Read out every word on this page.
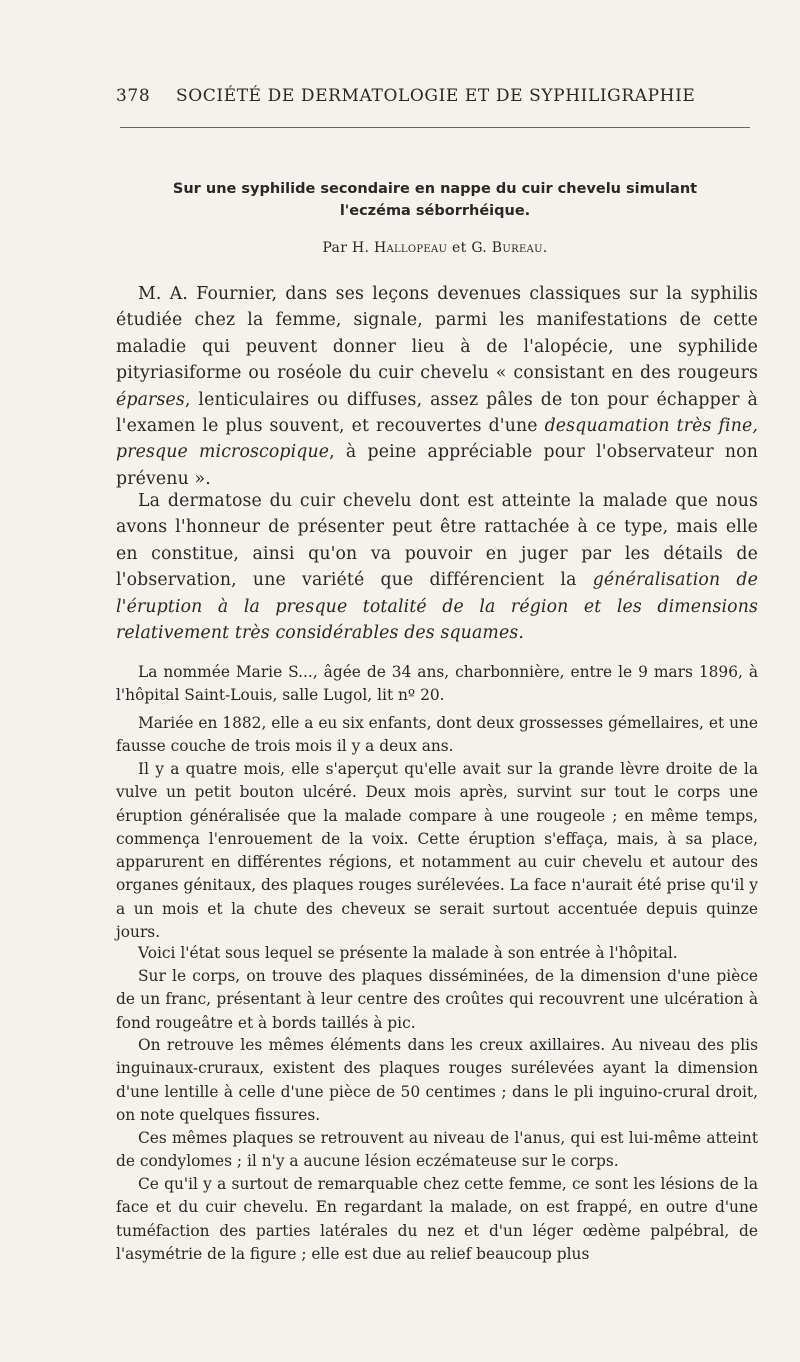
378 SOCIÉTÉ DE DERMATOLOGIE ET DE SYPHILIGRAPHIE
Sur une syphilide secondaire en nappe du cuir chevelu simulant
l'eczéma séborrhéique.
Par H. Hallopeau et G. Bureau.

M. A. Fournier, dans ses leçons devenues classiques sur la syphilis étudiée chez la femme, signale, parmi les manifestations de cette maladie qui peuvent donner lieu à de l'alopécie, une syphilide pityriasiforme ou roséole du cuir chevelu « consistant en des rougeurs éparses, lenticulaires ou diffuses, assez pâles de ton pour échapper à l'examen le plus souvent, et recouvertes d'une desquamation très fine, presque microscopique, à peine appréciable pour l'observateur non prévenu ».

La dermatose du cuir chevelu dont est atteinte la malade que nous avons l'honneur de présenter peut être rattachée à ce type, mais elle en constitue, ainsi qu'on va pouvoir en juger par les détails de l'observation, une variété que différencient la généralisation de l'éruption à la presque totalité de la région et les dimensions relativement très considérables des squames.

La nommée Marie S..., âgée de 34 ans, charbonnière, entre le 9 mars 1896, à l'hôpital Saint-Louis, salle Lugol, lit nº 20.

Mariée en 1882, elle a eu six enfants, dont deux grossesses gémellaires, et une fausse couche de trois mois il y a deux ans.

Il y a quatre mois, elle s'aperçut qu'elle avait sur la grande lèvre droite de la vulve un petit bouton ulcéré. Deux mois après, survint sur tout le corps une éruption généralisée que la malade compare à une rougeole ; en même temps, commença l'enrouement de la voix. Cette éruption s'effaça, mais, à sa place, apparurent en différentes régions, et notamment au cuir chevelu et autour des organes génitaux, des plaques rouges surélevées. La face n'aurait été prise qu'il y a un mois et la chute des cheveux se serait surtout accentuée depuis quinze jours.

Voici l'état sous lequel se présente la malade à son entrée à l'hôpital.

Sur le corps, on trouve des plaques disséminées, de la dimension d'une pièce de un franc, présentant à leur centre des croûtes qui recouvrent une ulcération à fond rougeâtre et à bords taillés à pic.

On retrouve les mêmes éléments dans les creux axillaires. Au niveau des plis inguinaux-cruraux, existent des plaques rouges surélevées ayant la dimension d'une lentille à celle d'une pièce de 50 centimes ; dans le pli inguino-crural droit, on note quelques fissures.

Ces mêmes plaques se retrouvent au niveau de l'anus, qui est lui-même atteint de condylomes ; il n'y a aucune lésion eczémateuse sur le corps.

Ce qu'il y a surtout de remarquable chez cette femme, ce sont les lésions de la face et du cuir chevelu. En regardant la malade, on est frappé, en outre d'une tuméfaction des parties latérales du nez et d'un léger œdème palpébral, de l'asymétrie de la figure ; elle est due au relief beaucoup plus
